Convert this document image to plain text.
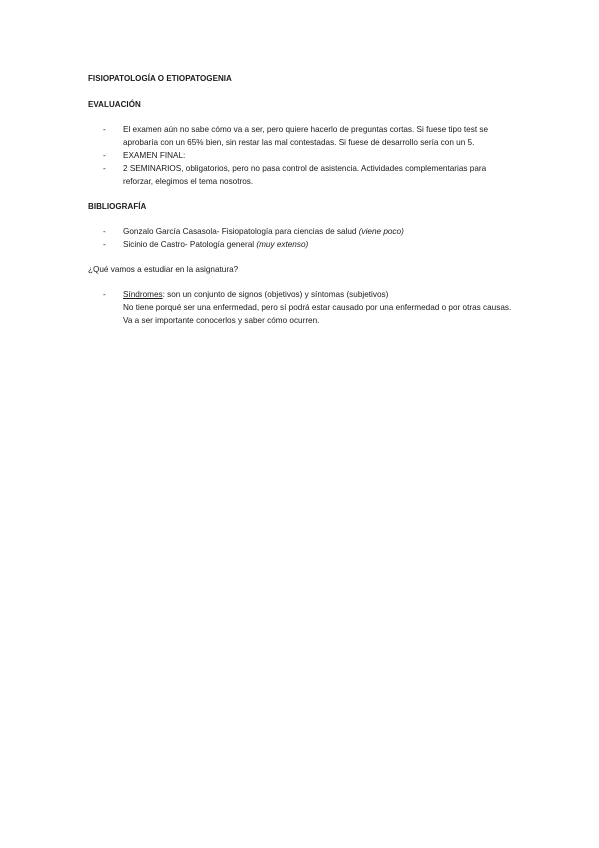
FISIOPATOLOGÍA O ETIOPATOGENIA

EVALUACIÓN

- El examen aún no sabe cómo va a ser, pero quiere hacerlo de preguntas cortas. Si fuese tipo test se aprobaría con un 65% bien, sin restar las mal contestadas. Si fuese de desarrollo sería con un 5.
- EXAMEN FINAL:
- 2 SEMINARIOS, obligatorios, pero no pasa control de asistencia. Actividades complementarias para reforzar, elegimos el tema nosotros.

BIBLIOGRAFÍA

- Gonzalo García Casasola- Fisiopatología para ciencias de salud (viene poco)
- Sicinio de Castro- Patología general (muy extenso)

¿Qué vamos a estudiar en la asignatura?

- Síndromes: son un conjunto de signos (objetivos) y síntomas (subjetivos)
No tiene porqué ser una enfermedad, pero sí podrá estar causado por una enfermedad o por otras causas.
Va a ser importante conocerlos y saber cómo ocurren.
